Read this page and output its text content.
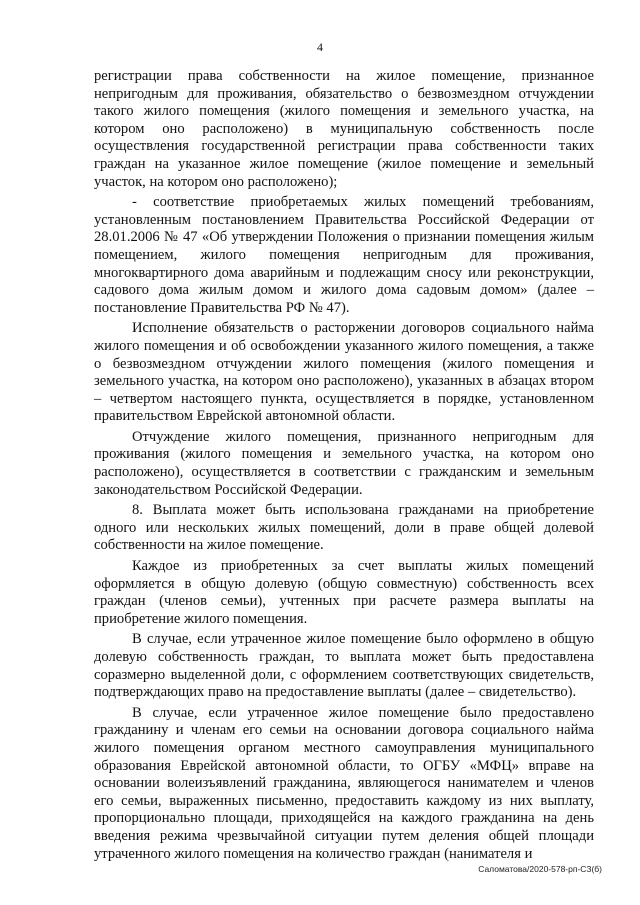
4

регистрации права собственности на жилое помещение, признанное непригодным для проживания, обязательство о безвозмездном отчуждении такого жилого помещения (жилого помещения и земельного участка, на котором оно расположено) в муниципальную собственность после осуществления государственной регистрации права собственности таких граждан на указанное жилое помещение (жилое помещение и земельный участок, на котором оно расположено);

- соответствие приобретаемых жилых помещений требованиям, установленным постановлением Правительства Российской Федерации от 28.01.2006 № 47 «Об утверждении Положения о признании помещения жилым помещением, жилого помещения непригодным для проживания, многоквартирного дома аварийным и подлежащим сносу или реконструкции, садового дома жилым домом и жилого дома садовым домом» (далее – постановление Правительства РФ № 47).

Исполнение обязательств о расторжении договоров социального найма жилого помещения и об освобождении указанного жилого помещения, а также о безвозмездном отчуждении жилого помещения (жилого помещения и земельного участка, на котором оно расположено), указанных в абзацах втором – четвертом настоящего пункта, осуществляется в порядке, установленном правительством Еврейской автономной области.

Отчуждение жилого помещения, признанного непригодным для проживания (жилого помещения и земельного участка, на котором оно расположено), осуществляется в соответствии с гражданским и земельным законодательством Российской Федерации.

8. Выплата может быть использована гражданами на приобретение одного или нескольких жилых помещений, доли в праве общей долевой собственности на жилое помещение.

Каждое из приобретенных за счет выплаты жилых помещений оформляется в общую долевую (общую совместную) собственность всех граждан (членов семьи), учтенных при расчете размера выплаты на приобретение жилого помещения.

В случае, если утраченное жилое помещение было оформлено в общую долевую собственность граждан, то выплата может быть предоставлена соразмерно выделенной доли, с оформлением соответствующих свидетельств, подтверждающих право на предоставление выплаты (далее – свидетельство).

В случае, если утраченное жилое помещение было предоставлено гражданину и членам его семьи на основании договора социального найма жилого помещения органом местного самоуправления муниципального образования Еврейской автономной области, то ОГБУ «МФЦ» вправе на основании волеизъявлений гражданина, являющегося нанимателем и членов его семьи, выраженных письменно, предоставить каждому из них выплату, пропорционально площади, приходящейся на каждого гражданина на день введения режима чрезвычайной ситуации путем деления общей площади утраченного жилого помещения на количество граждан (нанимателя и

Саломатова/2020-578-рп-СЗ(б)
